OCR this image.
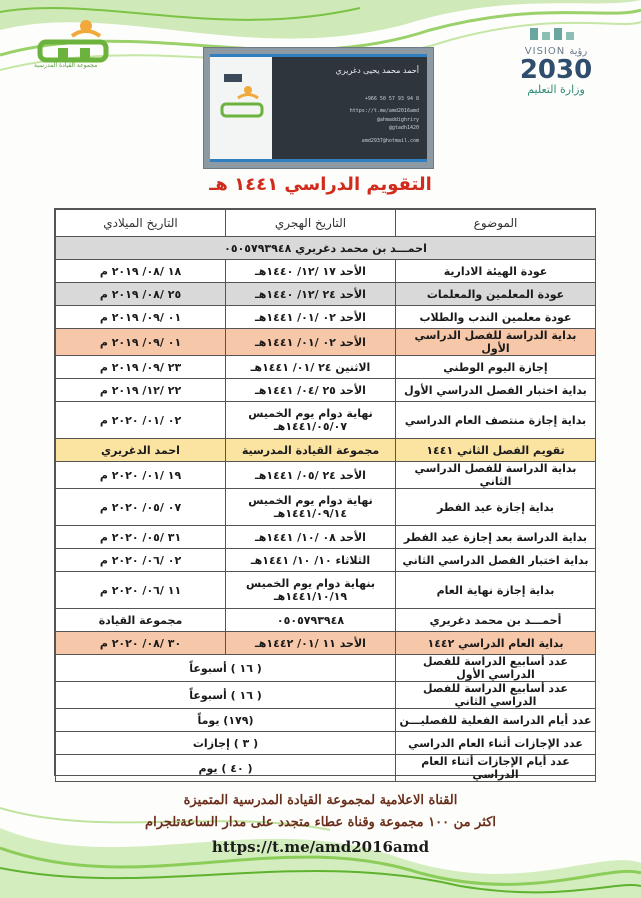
مجموعة القيادة المدرسية
VISION رؤية
2030
وزارة التعليم
أحمد محمد يحيى دغريري
+966 50 57 93 94 8
https://t.me/amd2016amd
@ahmaddighriry
@gtadh1420
amd2937@hotmail.com
التقويم الدراسي ١٤٤١ هـ
الموضوع	التاريخ الهجري	التاريخ الميلادي
احمـــد بن محمد دغريري ٠٥٠٥٧٩٣٩٤٨		
عودة الهيئة الادارية	الأحد ١٧ /١٢/ ١٤٤٠هـ	١٨ /٠٨/ ٢٠١٩ م
عودة المعلمين والمعلمات	الأحد ٢٤ /١٢/ ١٤٤٠هـ	٢٥ /٠٨/ ٢٠١٩ م
عودة معلمين الندب والطلاب	الأحد ٠٢ /٠١/ ١٤٤١هـ	٠١ /٠٩/ ٢٠١٩ م
بداية الدراسة للفصل الدراسي الأول	الأحد ٠٢ /٠١/ ١٤٤١هـ	٠١ /٠٩/ ٢٠١٩ م
إجازة اليوم الوطني	الاثنين ٢٤ /٠١/ ١٤٤١هـ	٢٣ /٠٩/ ٢٠١٩ م
بداية اختبار الفصل الدراسي الأول	الأحد ٢٥ /٠٤/ ١٤٤١هـ	٢٢ /١٢/ ٢٠١٩ م
بداية إجازة منتصف العام الدراسي	نهاية دوام يوم الخميس ١٤٤١/٠٥/٠٧هـ	٠٢ /٠١/ ٢٠٢٠ م
تقويم الفصل الثاني ١٤٤١	مجموعة القيادة المدرسية	احمد الدغريري
بداية الدراسة للفصل الدراسي الثاني	الأحد ٢٤ /٠٥/ ١٤٤١هـ	١٩ /٠١/ ٢٠٢٠ م
بداية إجازة عيد الفطر	نهاية دوام يوم الخميس ١٤٤١/٠٩/١٤هـ	٠٧ /٠٥/ ٢٠٢٠ م
بداية الدراسة بعد إجازة عيد الفطر	الأحد ٠٨ /١٠/ ١٤٤١هـ	٣١ /٠٥/ ٢٠٢٠ م
بداية اختبار الفصل الدراسي الثاني	الثلاثاء ١٠/ ١٠/ ١٤٤١هـ	٠٢ /٠٦/ ٢٠٢٠ م
بداية إجازة نهاية العام	بنهاية دوام يوم الخميس ١٤٤١/١٠/١٩هـ	١١ /٠٦/ ٢٠٢٠ م
أحمـــد بن محمد دغريري	٠٥٠٥٧٩٣٩٤٨	مجموعة القيادة
بداية العام الدراسي ١٤٤٢	الأحد ١١ /٠١/ ١٤٤٢هـ	٣٠ /٠٨/ ٢٠٢٠ م
عدد أسابيع الدراسة للفصل الدراسي الأول	( ١٦ ) أسبوعاً	
عدد أسابيع الدراسة للفصل الدراسي الثاني	( ١٦ ) أسبوعاً	
عدد أيام الدراسة الفعلية للفصليـــن	(١٧٩) يوماً	
عدد الإجازات أثناء العام الدراسي	( ٣ ) إجازات	
عدد أيام الإجازات أثناء العام الدراسي	( ٤٠ ) يوم	

القناة الاعلامية لمجموعة القيادة المدرسية المتميزة
اكثر من ١٠٠ مجموعة وقناة عطاء متجدد على مدار الساعةتلجرام
https://t.me/amd2016amd
